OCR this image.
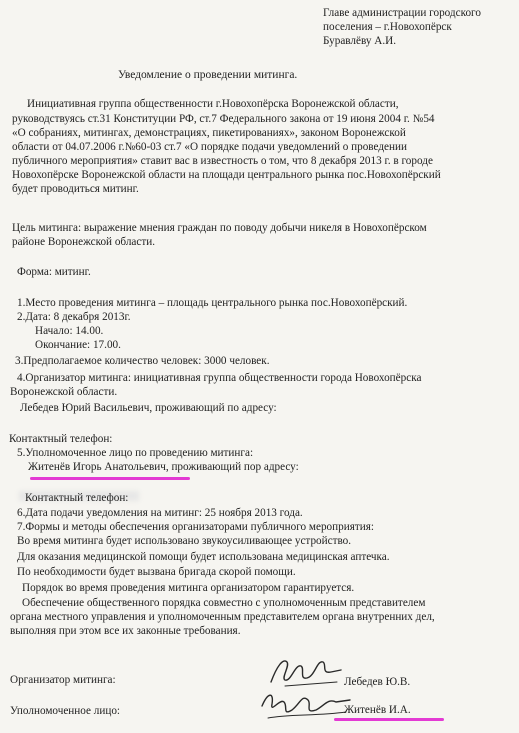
Главе администрации городского
поселения – г.Новохопёрск
Буравлёву А.И.
Уведомление о проведении митинга.
Инициативная группа общественности г.Новохопёрска Воронежской области,
руководствуясь ст.31 Конституции РФ, ст.7 Федерального закона от 19 июня 2004 г. №54
«О собраниях, митингах, демонстрациях, пикетированиях», законом Воронежской
области от 04.07.2006 г.№60-03 ст.7 «О порядке подачи уведомлений о проведении
публичного мероприятия» ставит вас в известность о том, что 8 декабря 2013 г. в городе
Новохопёрске Воронежской области на площади центрального рынка пос.Новохопёрский
будет проводиться митинг.
Цель митинга: выражение мнения граждан по поводу добычи никеля в Новохопёрском
районе Воронежской области.
Форма: митинг.
1.Место проведения митинга – площадь центрального рынка пос.Новохопёрский.
2.Дата: 8 декабря 2013г.
Начало: 14.00.
Окончание: 17.00.
3.Предполагаемое количество человек: 3000 человек.
4.Организатор митинга: инициативная группа общественности города Новохопёрска
Воронежской области.
Лебедев Юрий Васильевич, проживающий по адресу:
Контактный телефон:
5.Уполномоченное лицо по проведению митинга:
Житенёв Игорь Анатольевич, проживающий пор адресу:
Контактный телефон:
6.Дата подачи уведомления на митинг: 25 ноября 2013 года.
7.Формы и методы обеспечения организаторами публичного мероприятия:
Во время митинга будет использовано звукоусиливающее устройство.
Для оказания медицинской помощи будет использована медицинская аптечка.
По необходимости будет вызвана бригада скорой помощи.
Порядок во время проведения митинга организатором гарантируется.
Обеспечение общественного порядка совместно с уполномоченным представителем
органа местного управления и уполномоченным представителем органа внутренних дел,
выполняя при этом все их законные требования.
Организатор митинга:	Лебедев Ю.В.
Уполномоченное лицо:	Житенёв И.А.
